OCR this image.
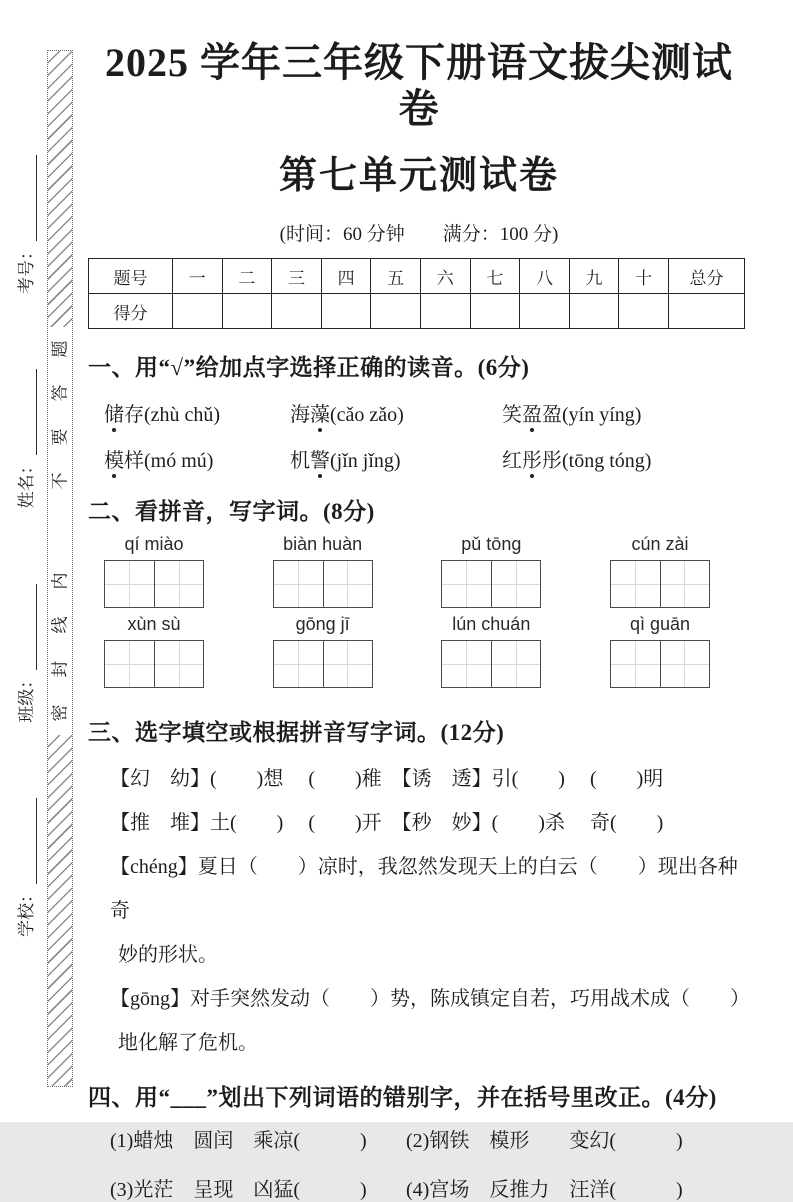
学校：
班级：
姓名：
考号：
题
答
要
不
内
线
封
密
2025 学年三年级下册语文拔尖测试卷
第七单元测试卷
(时间：60 分钟　　满分：100 分)
题号	一	二	三	四	五	六	七	八	九	十	总分
得分											
一、用“√”给加点字选择正确的读音。(6分)
储存(zhù chǔ)	海藻(cǎo zǎo)	笑盈盈(yín yíng)
模样(mó mú)	机警(jǐn jǐng)	红彤彤(tōng tóng)
二、看拼音，写字词。(8分)
qí miào	biàn huàn	pǔ tōng	cún zài
xùn sù	gōng jī	lún chuán	qì guān
三、选字填空或根据拼音写字词。(12分)
【幻　幼】(　　)想　 (　　)稚　【诱　透】引(　　)　 (　　)明
【推　堆】土(　　)　 (　　)开　【秒　妙】(　　)杀　 奇(　　)
【chéng】夏日（　　）凉时，我忽然发现天上的白云（　　）现出各种奇
妙的形状。
【gōng】对手突然发动（　　）势，陈成镇定自若，巧用战术成（　　）
地化解了危机。
四、用“___”划出下列词语的错别字，并在括号里改正。(4分)
(1)蜡烛　圆闰　乘凉(　　　)	(2)钢铁　模形　　变幻(　　　)
(3)光茫　呈现　凶猛(　　　)	(4)宫场　反推力　汪洋(　　　)
